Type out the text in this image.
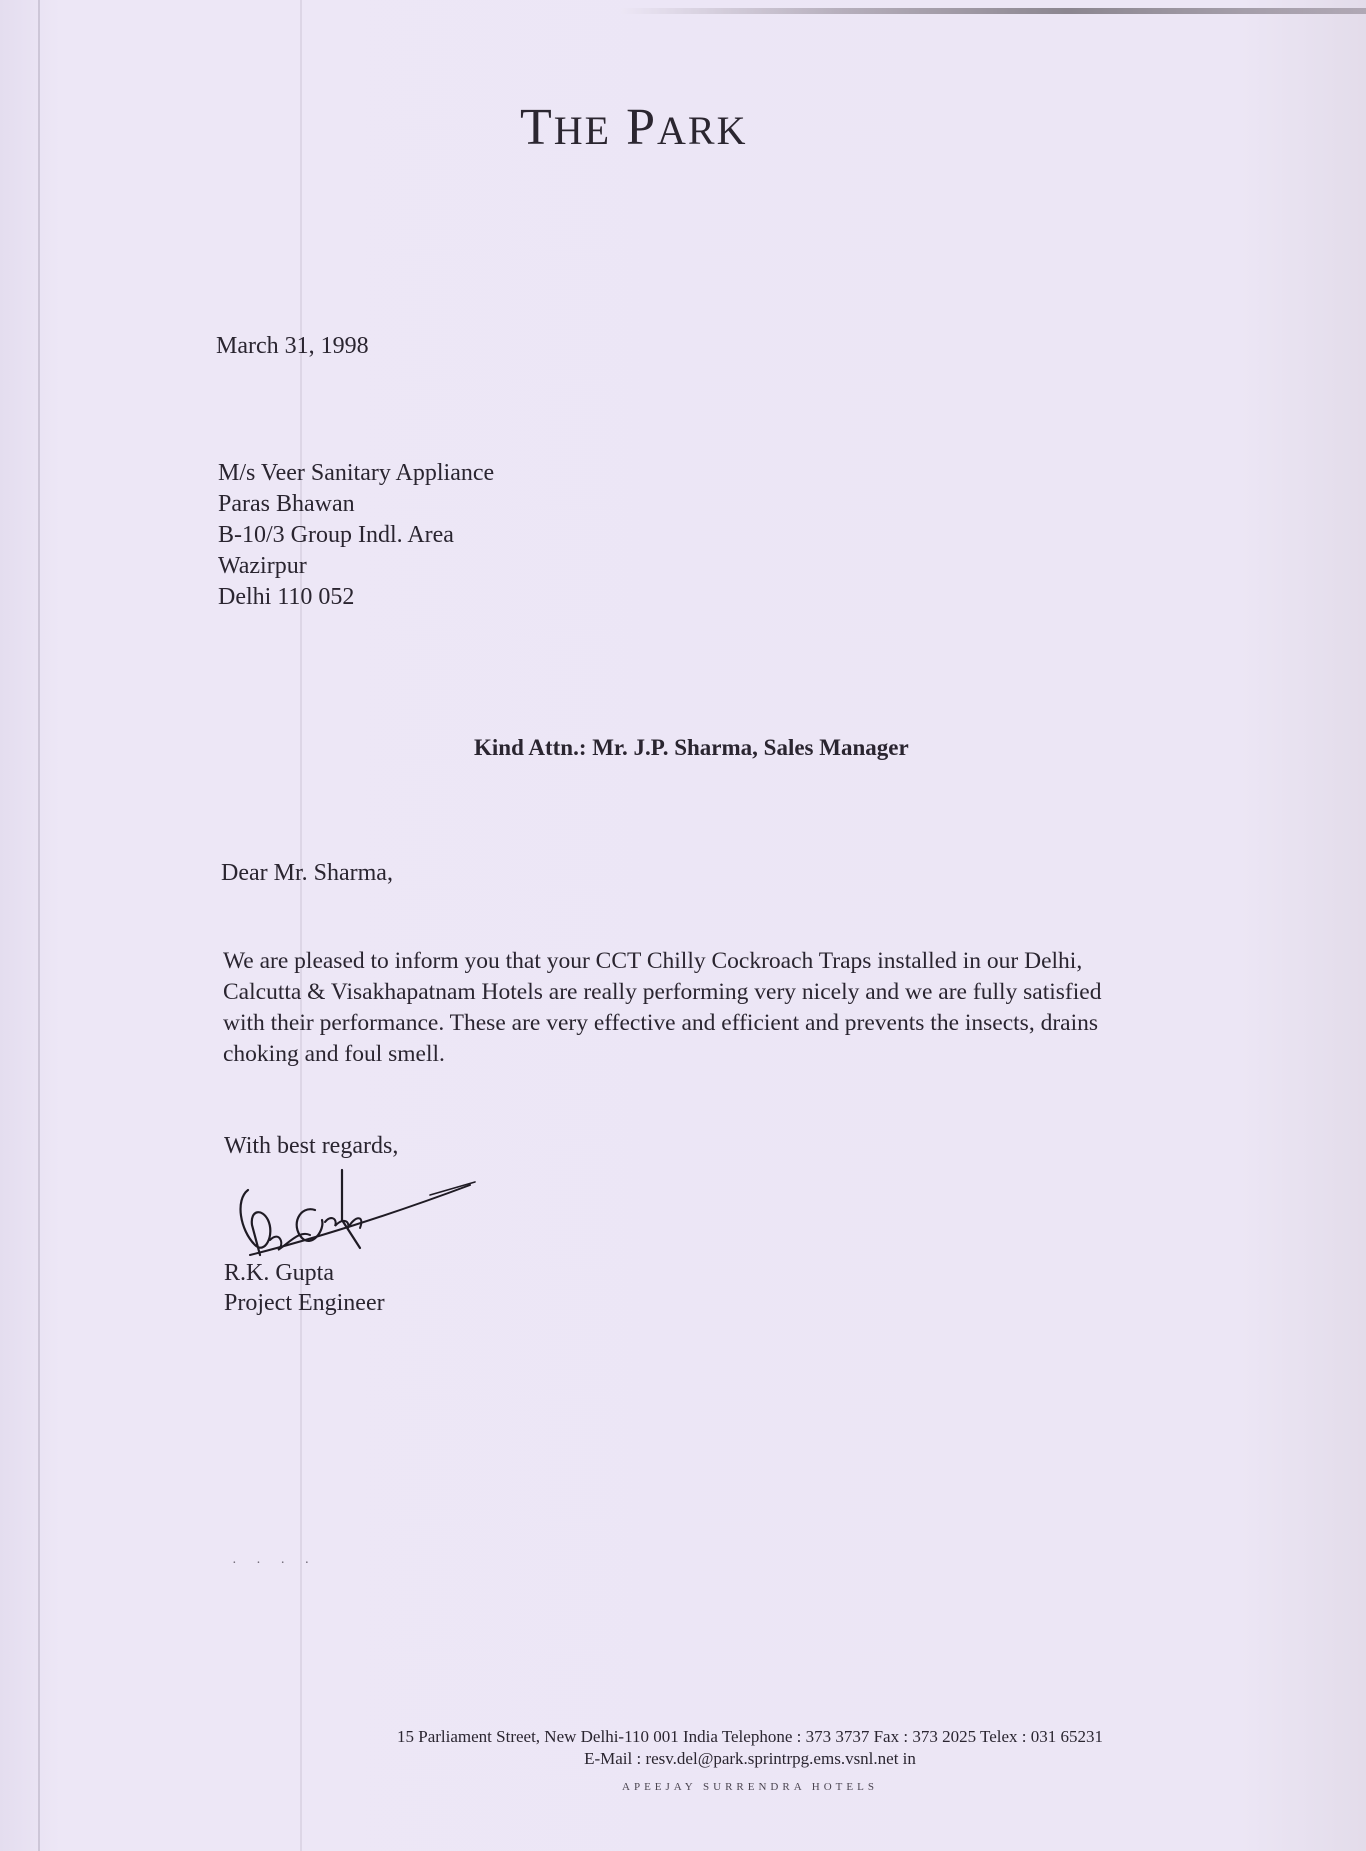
THE PARK
March 31, 1998
M/s Veer Sanitary Appliance
Paras Bhawan
B-10/3 Group Indl. Area
Wazirpur
Delhi 110 052
Kind Attn.: Mr. J.P. Sharma, Sales Manager
Dear Mr. Sharma,
We are pleased to inform you that your CCT Chilly Cockroach Traps installed in our Delhi,
Calcutta & Visakhapatnam Hotels are really performing very nicely and we are fully satisfied
with their performance. These are very effective and efficient and prevents the insects, drains
choking and foul smell.
With best regards,
R.K. Gupta
Project Engineer
· · · ·
15 Parliament Street, New Delhi-110 001 India Telephone : 373 3737 Fax : 373 2025 Telex : 031 65231
E-Mail : resv.del@park.sprintrpg.ems.vsnl.net in
APEEJAY SURRENDRA HOTELS
